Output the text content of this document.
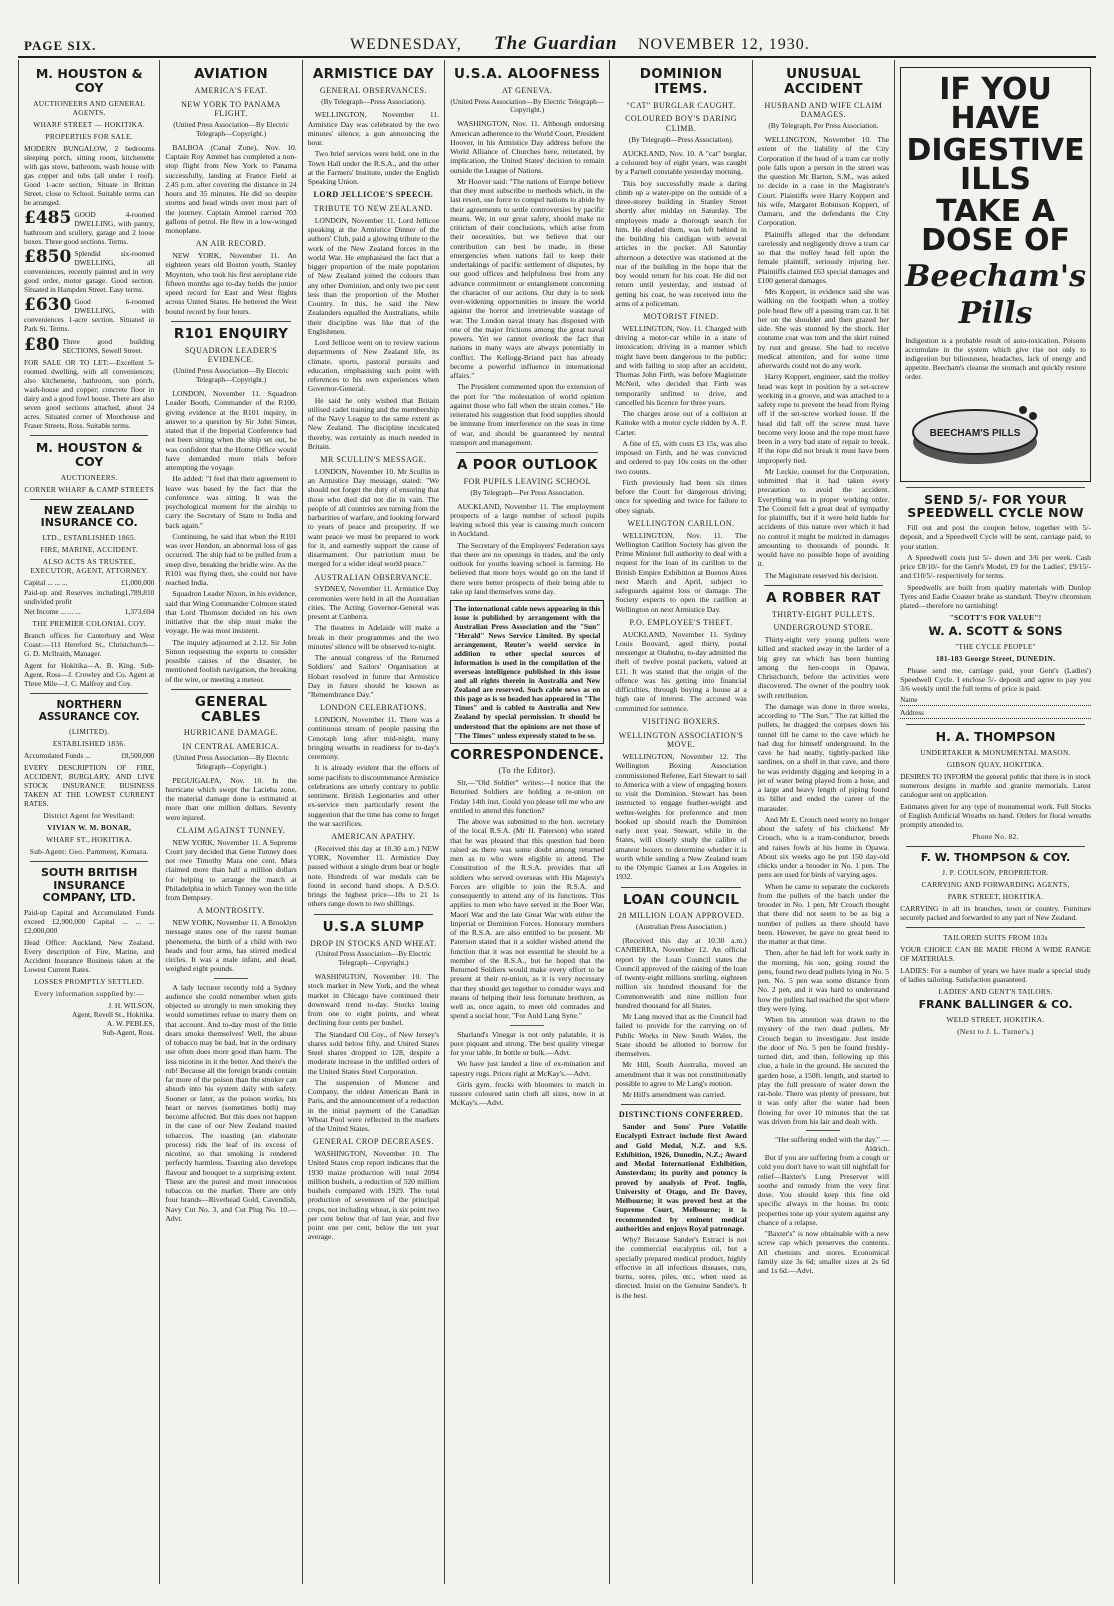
PAGE SIX.	WEDNESDAY, The Guardian NOVEMBER 12, 1930.
M. HOUSTON & COY
AUCTIONEERS AND GENERAL AGENTS.
WHARF STREET — HOKITIKA.
PROPERTIES FOR SALE.
MODERN BUNGALOW, 2 bedrooms sleeping porch, sitting room, kitchenette with gas stove, bathroom, wash house with gas copper and tubs (all under 1 roof). Good 1-acre section, Situate in Brittan Street, close to School. Suitable terms can be arranged.
£485 GOOD 4-roomed DWELLING, with pantry, bathroom and scullery, garage and 2 loose boxes. Three good sections. Terms.
£850 Splendid six-roomed DWELLING, all conveniences, recently painted and in very good order, motor garage. Good section. Situated in Hampden Street. Easy terms.
£630 Good 6-roomed DWELLING, with conveniences 1-acre section. Situated in Park St. Terms.
£80 Three good building SECTIONS, Sewell Street.
FOR SALE OR TO LET:—Excellent 5-roomed dwelling, with all conveniences; also kitchenette, bathroom, sun porch, wash-house and copper; concrete floor in dairy and a good fowl house. There are also seven good sections attached, about 24 acres. Situated corner of Moorhouse and Fraser Streets, Ross. Suitable terms.
M. HOUSTON & COY
AUCTIONEERS.
CORNER WHARF & CAMP STREETS
NEW ZEALAND INSURANCE CO.
LTD., ESTABLISHED 1865.
FIRE, MARINE, ACCIDENT.
ALSO ACTS AS TRUSTEE, EXECUTOR, AGENT, ATTORNEY.
Capital ... ... ...	£1,000,000
Paid-up and Reserves including undivided profit
1,789,810
Net Income ... ... ...	1,373,694
THE PREMIER COLONIAL COY.
Branch offices for Canterbury and West Coast:—111 Hereford St., Christchurch—G. D. McIlraith, Manager.
Agent for Hokitika—A. B. King. Sub-Agent, Ross—J. Crowley and Co. Agent at Three Mile—J. C. Malfroy and Coy.
NORTHERN ASSURANCE COY.
(LIMITED).
ESTABLISHED 1836.
Accumulated Funds ...	£8,500,000
EVERY DESCRIPTION OF FIRE, ACCIDENT, BURGLARY, AND LIVE STOCK INSURANCE BUSINESS TAKEN AT THE LOWEST CURRENT RATES.
District Agent for Westland:
VIVIAN W. M. BONAR,
WHARF ST., HOKITIKA.
Sub-Agent: Geo. Pammenț, Kumara.
SOUTH BRITISH INSURANCE COMPANY, LTD.
Paid-up Capital and Accumulated Funds exceed £2,900,000 Capital ... ... ... £2,000,000
Head Office: Auckland, New Zealand. Every description of Fire, Marine, and Accident Insurance Business taken at the Lowest Current Rates.
LOSSES PROMPTLY SETTLED.
Every information supplied by:—
J. H. WILSON,
Agent, Revell St., Hokitika.
A. W. PEBLES,
Sub-Agent, Ross.
AVIATION
AMERICA'S FEAT.
NEW YORK TO PANAMA FLIGHT.
(United Press Association—By Electric Telegraph—Copyright.)

BALBOA (Canal Zone), Nov. 10. Captain Roy Ammel has completed a non-stop flight from New York to Panama successfully, landing at France Field at 2.45 p.m. after covering the distance in 24 hours and 35 minutes. He did so despite storms and head winds over most part of the journey. Captain Ammel carried 703 gallons of petrol. He flew in a low-winged monoplane.

AN AIR RECORD.

NEW YORK, November 11. An eighteen years old Boston youth, Stanley Moynton, who took his first aeroplane ride fifteen months ago to-day holds the junior speed record for East and West flights across United States. He bettered the West bound record by four hours.

R101 ENQUIRY
SQUADRON LEADER'S EVIDENCE.
(United Press Association—By Electric Telegraph—Copyright.)

LONDON, November 11. Squadron Leader Booth, Commander of the R100, giving evidence at the R101 inquiry, in answer to a question by Sir John Simon, stated that if the Imperial Conference had not been sitting when the ship set out, he was confident that the Home Office would have demanded more trials before attempting the voyage.

He added: "I feel that their agreement to leave was based by the fact that the conference was sitting. It was the psychological moment for the airship to carry the Secretary of State to India and back again."

Continuing, he said that when the R101 was over Hendon, an abnormal loss of gas occurred. The ship had to be pulled from a steep dive, breaking the bridle wire. As the R101 was flying then, she could not have reached India.

Squadron Leader Nixon, in his evidence, said that Wing Commander Colmore stated that Lord Thomson decided on his own initiative that the ship must make the voyage. He was most insistent.

The inquiry adjourned at 2.12. Sir John Simon requesting the experts to consider possible causes of the disaster, he mentioned foolish navigation, the breaking of the wire, or meeting a meteor.

GENERAL CABLES
HURRICANE DAMAGE.
IN CENTRAL AMERICA.
(United Press Association—By Electric Telegraph—Copyright.)

PEGUIGALPA, Nov. 10. In the hurricane which swept the Lacieba zone, the material damage done is estimated at more than one million dollars. Seventy were injured.

CLAIM AGAINST TUNNEY.

NEW YORK, November 11. A Supreme Court jury decided that Gene Tunney does not owe Timothy Mara one cent. Mara claimed more than half a million dollars for helping to arrange the match at Philadelphia in which Tunney won the title from Dempsey.

A MONTROSITY.

NEW YORK, November 11. A Brooklyn message states one of the rarest human phenomena, the birth of a child with two heads and four arms, has stirred medical circles. It was a male infant, and dead, weighed eight pounds.

A lady lecturer recently told a Sydney audience she could remember when girls objected so strongly to men smoking they would sometimes refuse to marry them on that account. And to-day most of the little dears smoke themselves! Well, the abuse of tobacco may be bad, but in the ordinary use often does more good than harm. The less nicotine in it the better. And there's the rub! Because all the foreign brands contain far more of the poison than the smoker can absorb into his system daily with safety. Sooner or later, as the poison works, his heart or nerves (sometimes both) may become affected. But this does not happen in the case of our New Zealand toasted tobaccos. The toasting (an elaborate process) rids the leaf of its excess of nicotine, so that smoking is rendered perfectly harmless. Toasting also develops flavour and bouquet to a surprising extent. These are the purest and most innocuous tobaccos on the market. There are only four brands—Riverhead Gold, Cavendish, Navy Cut No. 3, and Cut Plug No. 10.—Advt.

ARMISTICE DAY
GENERAL OBSERVANCES.
(By Telegraph—Press Association).

WELLINGTON, November 11. Armistice Day was celebrated by the two minutes' silence, a gun announcing the hour.

Two brief services were held, one in the Town Hall under the R.S.A., and the other at the Farmers' Institute, under the English Speaking Union.

LORD JELLICOE'S SPEECH.
TRIBUTE TO NEW ZEALAND.

LONDON, November 11. Lord Jellicoe speaking at the Armistice Dinner of the authors' Club, paid a glowing tribute to the work of the New Zealand forces in the world War. He emphasised the fact that a bigger proportion of the male population of New Zealand joined the colours than any other Dominion, and only two per cent less than the proportion of the Mother Country. In this, he said the New Zealanders equalled the Australians, while their discipline was like that of the Englishmen.

Lord Jellicoe went on to review various departments of New Zealand life, its climate, sports, pastoral pursuits and education, emphasising such point with references to his own experiences when Governor-General.

He said he only wished that Britain utilised cadet training and the membership of the Navy League to the same extent as New Zealand. The discipline inculcated thereby, was certainly as much needed in Britain.

MR SCULLIN'S MESSAGE.

LONDON, November 10. Mr Scullin in an Armistice Day message, stated: "We should not forget the duty of ensuring that those who died did not die in vain. The people of all countries are turning from the barbarities of warfare, and looking forward to years of peace and prosperity. If we want peace we must be prepared to work for it, and earnestly support the cause of disarmament. Our patriotism must be merged for a wider ideal world peace."

AUSTRALIAN OBSERVANCE.

SYDNEY, November 11. Armistice Day ceremonies were held in all the Australian cities. The Acting Governor-General was present at Canberra.

The theatres in Adelaide will make a break in their programmes and the two minutes' silence will be observed to-night.

The annual congress of the Returned Soldiers' and Sailors' Organisation at Hobart resolved in future that Armistice Day in future should be known as "Remembrance Day."

LONDON CELEBRATIONS.

LONDON, November 11. There was a continuous stream of people passing the Cenotaph long after mid-night, many bringing wreaths in readiness for to-day's ceremony.

It is already evident that the efforts of some pacifists to discountenance Armistice celebrations are utterly contrary to public sentiment. British Legionaries and other ex-service men particularly resent the suggestion that the time has come to forget the war sacrifices.

AMERICAN APATHY.

(Received this day at 10.30 a.m.) NEW YORK, November 11. Armistice Day passed without a single drum beat or bugle note. Hundreds of war medals can be found in second hand shops. A D.S.O. brings the highest price—18s to 21 1s others range down to two shillings.

U.S.A SLUMP
DROP IN STOCKS AND WHEAT.
(United Press Association—By Electric Telegraph—Copyright.)

WASHINGTON, November 10. The stock market in New York, and the wheat market in Chicago have continued their downward trend to-day. Stocks losing from one to eight points, and wheat declining four cents per bushel.

The Standard Oil Coy., of New Jersey's shares sold below fifty, and United States Steel shares dropped to 128, despite a moderate increase in the unfilled orders of the United States Steel Corporation.

The suspension of Monroe and Company, the oldest American Bank in Paris, and the announcement of a reduction in the initial payment of the Canadian Wheat Pool were reflected in the markets of the United States.

GENERAL CROP DECREASES.

WASHINGTON, November 10. The United States crop report indicates that the 1930 maize production will total 2094 million bushels, a reduction of 520 million bushels compared with 1929. The total production of seventeen of the principal crops, not including wheat, is six point two per cent below that of last year, and five point one per cent, below the ten year average.

U.S.A. ALOOFNESS
AT GENEVA.
(United Press Association—By Electric Telegraph—Copyright.)

WASHINGTON, Nov. 11. Although endorsing American adherence to the World Court, President Hoover, in his Armistice Day address before the World Alliance of Churches here, reiterated, by implication, the United States' decision to remain outside the League of Nations.

Mr Hoover said: "The nations of Europe believe that they must subscribe to methods which, in the last resort, use force to compel nations to abide by their agreements to settle controversies by pacific means. We, in our great safety, should make no criticism of their conclusions, which arise from their necessities, but we believe that our contribution can best be made, in these emergencies when nations fail to keep their undertakings of pacific settlement of disputes, by our good offices and helpfulness free from any advance commitment or entanglement concerning the character of our actions. Our duty is to seek ever-widening opportunities to insure the world against the horror and irretrievable wastage of war. The London naval treaty has disposed with one of the major frictions among the great naval powers. Yet we cannot overlook the fact that nations in many ways are always potentially in conflict. The Kellogg-Briand pact has already become a powerful influence in international affairs."

The President commented upon the extension of the port for "the molestation of world opinion against those who fall when the strain comes." He reiterated his suggestion that food supplies should be immune from interference on the seas in time of war, and should be guaranteed by neutral transport and management.

A POOR OUTLOOK
FOR PUPILS LEAVING SCHOOL
(By Telegraph—Per Press Association.

AUCKLAND, November 11. The employment prospects of a large number of school pupils leaving school this year is causing much concern in Auckland.

The Secretary of the Employers' Federation says that there are no openings in trades, and the only outlook for youths leaving school is farming. He believed that more boys would go on the land if there were better prospects of their being able to take up land themselves some day.

The international cable news appearing in this issue is published by arrangement with the Australian Press Association and the "Sun" "Herald" News Service Limited. By special arrangement, Reuter's world service in addition to other special sources of information is used in the compilation of the overseas intelligence published in this issue and all rights therein in Australia and New Zealand are reserved. Such cable news as on this page as is so headed has appeared in "The Times" and is cabled to Australia and New Zealand by special permission. It should be understood that the opinions are not those of "The Times" unless expressly stated to be so.
CORRESPONDENCE.
(To the Editor).

Sir,—"Old Soldier" writes:—I notice that the Returned Soldiers are holding a re-union on Friday 14th inst. Could you please tell me who are entitled to attend this function?

The above was submitted to the hon. secretary of the local R.S.A. (Mr H. Paterson) who stated that he was pleased that this question had been raised as there was some doubt among returned men as to who were eligible to attend. The Constitution of the R.S.A. provides that all soldiers who served overseas with His Majesty's Forces are eligible to join the R.S.A. and consequently to attend any of its functions. This applies to men who have served in the Boer War, Maori War and the late Great War with either the Imperial or Dominion Forces. Honorary members of the R.S.A. are also entitled to be present. Mr Paterson stated that it a soldier wished attend the function that it was not essential he should be a member of the R.S.A., but he hoped that the Returned Soldiers would make every effort to be present at their re-union, as it is very necessary that they should get together to consider ways and means of helping their less fortunate brethren, as well as, once again, to meet old comrades and spend a social hour, "For Auld Lang Syne."

Sharland's Vinegar is not only palatable, it is pure piquant and strong. The best quality vinegar for your table. In bottle or bulk.—Advt.

We have just landed a line of ex-mination and tapestry rugs. Prices right at McKay's.—Advt.

Girls gym. frocks with bloomers to match in tussore coloured satin cloth all sizes, now in at McKay's.—Advt.

DOMINION ITEMS.
"CAT" BURGLAR CAUGHT.
COLOURED BOY'S DARING CLIMB.
(By Telegraph—Press Association).

AUCKLAND, Nov. 10. A "cat" burglar, a coloured boy of eight years, was caught by a Parnell constable yesterday morning.

This boy successfully made a daring climb up a water-pipe on the outside of a three-storey building in Stanley Street shortly after midday on Saturday. The employees made a thorough search for him. He eluded them, was left behind in the building his cardigan with several articles in the pocket. All Saturday afternoon a detective was stationed at the rear of the building in the hope that the boy would return for his coat. He did not return until yesterday, and instead of getting his coat, he was received into the arms of a policeman.

MOTORIST FINED.

WELLINGTON, Nov. 11. Charged with driving a motor-car while in a state of intoxication; driving in a manner which might have been dangerous to the public; and with failing to stop after an accident, Thomas John Firth, was before Magistrate McNeil, who decided that Firth was temporarily unfitted to drive, and cancelled his licence for three years.

The charges arose out of a collision at Kaitoke with a motor cycle ridden by A. F. Carter.

A fine of £5, with costs £3 15s, was also imposed on Firth, and he was convicted and ordered to pay 10s costs on the other two counts.

Firth previously had been six times before the Court for dangerous driving; once for speeding and twice for failure to obey signals.

WELLINGTON CARILLON.

WELLINGTON, Nov. 11. The Wellington Carillon Society has given the Prime Minister full authority to deal with a request for the loan of its carillon to the British Empire Exhibition at Buenos Aires next March and April, subject to safeguards against loss or damage. The Society expects to open the carillon at Wellington on next Armistice Day.

P.O. EMPLOYEE'S THEFT.

AUCKLAND, November 11. Sydney Louis Bouvard, aged thirty, postal messenger at Otahuhu, to-day admitted the theft of twelve postal packets, valued at £11. It was stated that the origin of the offence was his getting into financial difficulties, through buying a house at a high rate of interest. The accused was committed for sentence.

VISITING BOXERS.
WELLINGTON ASSOCIATION'S MOVE.

WELLINGTON, November 12. The Wellington Boxing Association commissioned Referee, Earl Stewart to sail to America with a view of engaging boxers to visit the Dominion. Stewart has been instructed to engage feather-weight and welter-weights for preference and men booked up should reach the Dominion early next year. Stewart, while in the States, will closely study the calibre of amateur boxers to determine whether it is worth while sending a New Zealand team to the Olympic Games at Los Angeles in 1932.

LOAN COUNCIL
28 MILLION LOAN APPROVED.
(Australian Press Association.)

(Received this day at 10.30 a.m.) CANBERRA, November 12. An official report by the Loan Council states the Council approved of the raising of the loan of twenty-eight millions sterling, eighteen million six hundred thousand for the Commonwealth and nine million four hundred thousand for all States.

Mr Lang moved that as the Council had failed to provide for the carrying on of Public Works in New South Wales, the State should be allotted to borrow for themselves.

Mr Hill, South Australia, moved an amendment that it was not constitutionally possible to agree to Mr Lang's motion.

Mr Hill's amendment was carried.

DISTINCTIONS CONFERRED.

Sander and Sons' Pure Volatile Eucalypti Extract include first Award and Gold Medal, N.Z. and S.S. Exhibition, 1926, Dunedin, N.Z.; Award and Medal International Exhibition, Amsterdam; its purity and potency is proved by analysis of Prof. Inglis, University of Otago, and Dr Davey, Melbourne; it was proved best at the Supreme Court, Melbourne; it is recommended by eminent medical authorities and enjoys Royal patronage.

Why? Because Sander's Extract is not the commercial eucalyptus oil, but a specially prepared medical product, highly effective in all infectious diseases, cuts, burns, sores, piles, etc., when used as directed. Insist on the Genuine Sander's. It is the best.

UNUSUAL ACCIDENT
HUSBAND AND WIFE CLAIM DAMAGES.
(By Telegraph, Per Press Association.

WELLINGTON, November 10. The extent of the liability of the City Corporation if the head of a tram car trolly pole falls upon a person in the street was the question Mr Barton, S.M., was asked to decide in a case in the Magistrate's Court. Plaintiffs were Harry Koppert and his wife, Margaret Robinson Koppert, of Oamaru, and the defendants the City Corporation.

Plaintiffs alleged that the defendant carelessly and negligently drove a tram car so that the trolley head fell upon the female plaintiff, seriously injuring her. Plaintiffs claimed £63 special damages and £100 general damages.

Mrs Koppert, in evidence said she was walking on the footpath when a trolley pole head flew off a passing tram car. It hit her on the shoulder and then grazed her side. She was stunned by the shock. Her costume coat was torn and the skirt ruined by rust and grease. She had to receive medical attention, and for some time afterwards could not do any work.

Harry Koppert, engineer, said the trolley head was kept in position by a set-screw working in a groove, and was attached to a safety rope to prevent the head from flying off if the set-screw worked loose. If the head did fall off the screw must have become very loose and the rope must have been in a very bad state of repair to break. If the rope did not break it must have been improperly tied.

Mr Leckie, counsel for the Corporation, submitted that it had taken every precaution to avoid the accident. Everything was in proper working order. The Council felt a great deal of sympathy for plaintiffs, but if it were held liable for accidents of this nature over which it had no control it might be mulcted in damages amounting to thousands of pounds. It would have no possible hope of avoiding it.

The Magistrate reserved his decision.

A ROBBER RAT
THIRTY-EIGHT PULLETS.
UNDERGROUND STORE.

Thirty-eight very young pullets were killed and stacked away in the larder of a big grey rat which has been hunting among the hen-coops in Opawa, Christchurch, before the activities were discovered. The owner of the poultry took swift retribution.

The damage was done in three weeks, according to "The Sun." The rat killed the pullets, he dragged the corpses down his tunnel till he came to the cave which he had dug for himself underground. In the cave he had neatly, tightly-packed like sardines, on a shelf in that cave, and there he was evidently digging and keeping in a jet of water being played from a hose, and a large and heavy length of piping found its billet and ended the career of the marauder.

And Mr E. Crouch need worry no longer about the safety of his chickens! Mr Crouch, who is a tram-conductor, breeds and raises fowls at his home in Opawa. About six weeks ago he put 150 day-old chicks under a brooder in No. 1 pen. The pens are used for birds of varying ages.

When he came to separate the cockerels from the pullets of the batch under the brooder in No. 1 pen, Mr Crouch thought that there did not seem to be as big a number of pullets as there should have been. However, he gave no great heed to the matter at that time.

Then, after he had left for work early in the morning, his son, going round the pens, found two dead pullets lying in No. 5 pen. No. 5 pen was some distance from No. 2 pen, and it was hard to understand how the pullets had reached the spot where they were lying.

When his attention was drawn to the mystery of the two dead pullets, Mr Crouch began to investigate. Just inside the door of No. 5 pen he found freshly-turned dirt, and then, following up this clue, a hole in the ground. He secured the garden hose, a 150ft. length, and started to play the full pressure of water down the rat-hole. There was plenty of pressure, but it was only after the water had been flowing for over 10 minutes that the rat was driven from his lair and dealt with.

"Her suffering ended with the day." —Aldrich.

But if you are suffering from a cough or cold you don't have to wait till nightfall for relief—Baxter's Lung Preserver will soothe and remedy from the very first dose. You should keep this fine old specific always in the house. Its tonic properties tone up your system against any chance of a relapse.

"Baxter's" is now obtainable with a new screw cap which preserves the contents. All chemists and stores. Economical family size 3s 6d; smaller sizes at 2s 6d and 1s 6d.—Advt.

IF YOU HAVE
DIGESTIVE ILLS
TAKE A DOSE OF
Beecham's Pills
Indigestion is a probable result of auto-toxication. Poisons accumulate in the system which give rise not only to indigestion but biliousness, headaches, lack of energy and appetite. Beecham's cleanse the stomach and quickly restore order.
BEECHAM'S PILLS
SEND 5/- FOR YOUR SPEEDWELL CYCLE NOW

Fill out and post the coupon below, together with 5/- deposit, and a Speedwell Cycle will be sent, carriage paid, to your station.

A Speedwell costs just 5/- down and 3/6 per week. Cash price £8/10/- for the Gent's Model, £9 for the Ladies', £9/15/- and £10/5/- respectively for terms.

Speedwells are built from quality materials with Dunlop Tyres and Eadie Coaster brake as standard. They're chromium plated—therefore no tarnishing!

"SCOTT'S FOR VALUE"!
W. A. SCOTT & SONS
"THE CYCLE PEOPLE"
181-183 George Street, DUNEDIN.

Please send me, carriage paid, your Gent's (Ladies') Speedwell Cycle. I enclose 5/- deposit and agree to pay you 3/6 weekly until the full terms of price is paid.

Name
Address
H. A. THOMPSON
UNDERTAKER & MONUMENTAL MASON.
GIBSON QUAY, HOKITIKA.
DESIRES TO INFORM the general public that there is in stock numerous designs in marble and granite memorials. Latest catalogue sent on application.
Estimates given for any type of monumental work. Full Stocks of English Artificial Wreaths on hand. Orders for floral wreaths promptly attended to.
Phone No. 82.
F. W. THOMPSON & COY.
J. P. COULSON, PROPRIETOR.
CARRYING AND FORWARDING AGENTS,
PARK STREET, HOKITIKA.
CARRYING in all its branches, town or country. Furniture securely packed and forwarded to any part of New Zealand.
TAILORED SUITS FROM 103s
YOUR CHOICE CAN BE MADE FROM A WIDE RANGE OF MATERIALS.
LADIES: For a number of years we have made a special study of ladies tailoring. Satisfaction guaranteed.
LADIES' AND GENT'S TAILORS.
FRANK BALLINGER & CO.
WELD STREET, HOKITIKA.
(Next to J. L. Turner's.)
